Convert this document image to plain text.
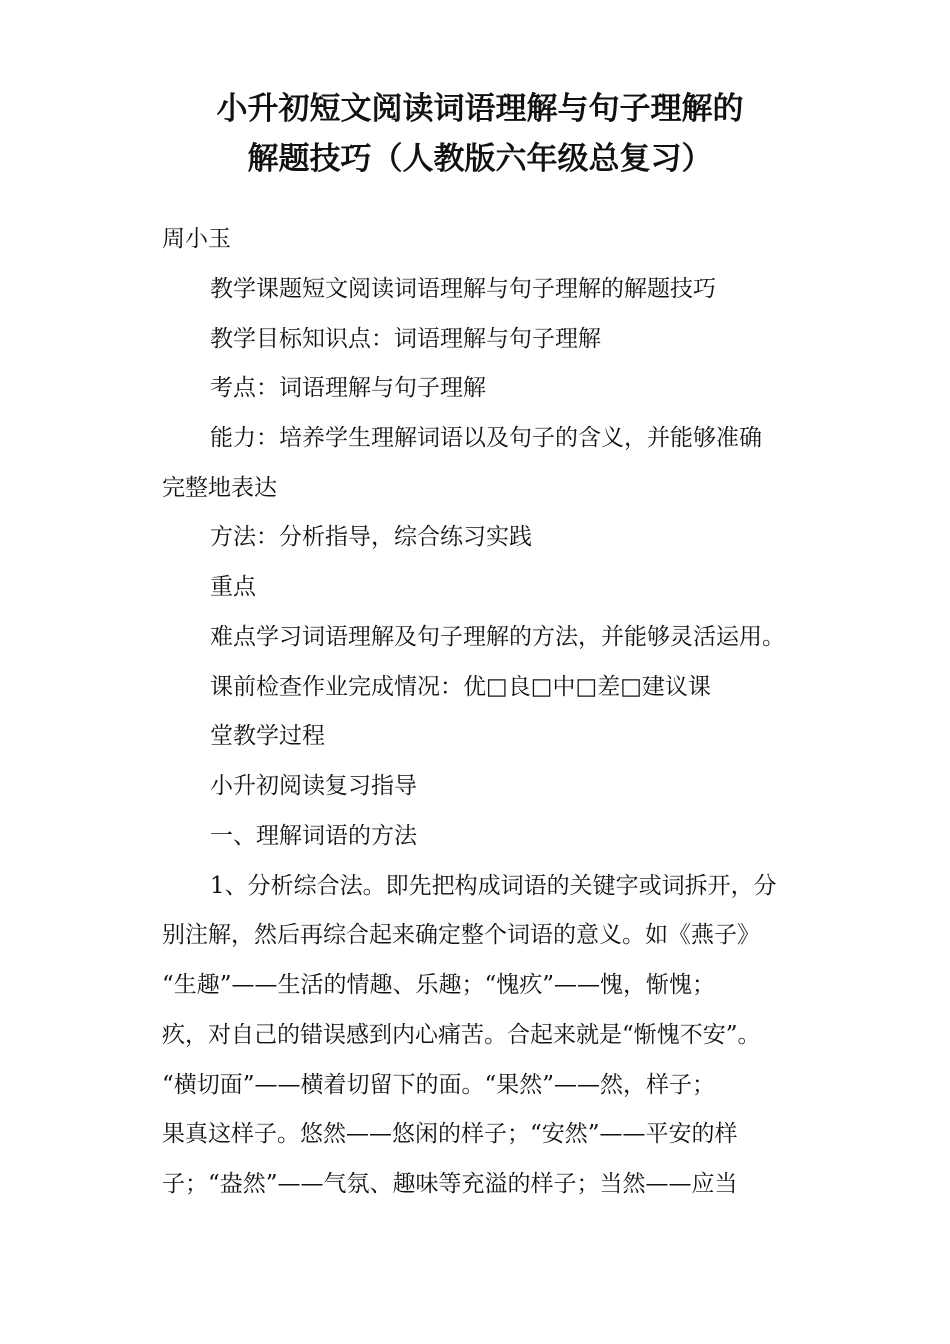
小升初短文阅读词语理解与句子理解的
解题技巧（人教版六年级总复习）
周小玉
教学课题短文阅读词语理解与句子理解的解题技巧
教学目标知识点：词语理解与句子理解
考点：词语理解与句子理解
能力：培养学生理解词语以及句子的含义，并能够准确
完整地表达
方法：分析指导，综合练习实践
重点
难点学习词语理解及句子理解的方法，并能够灵活运用。
课前检查作业完成情况：优□良□中□差□建议课
堂教学过程
小升初阅读复习指导
一、理解词语的方法
1、分析综合法。即先把构成词语的关键字或词拆开，分
别注解，然后再综合起来确定整个词语的意义。如《燕子》
“生趣”——生活的情趣、乐趣；“愧疚”——愧，惭愧；
疚，对自己的错误感到内心痛苦。合起来就是“惭愧不安”。
“横切面”——横着切留下的面。“果然”——然，样子；
果真这样子。悠然——悠闲的样子；“安然”——平安的样
子；“盎然”——气氛、趣味等充溢的样子；当然——应当
